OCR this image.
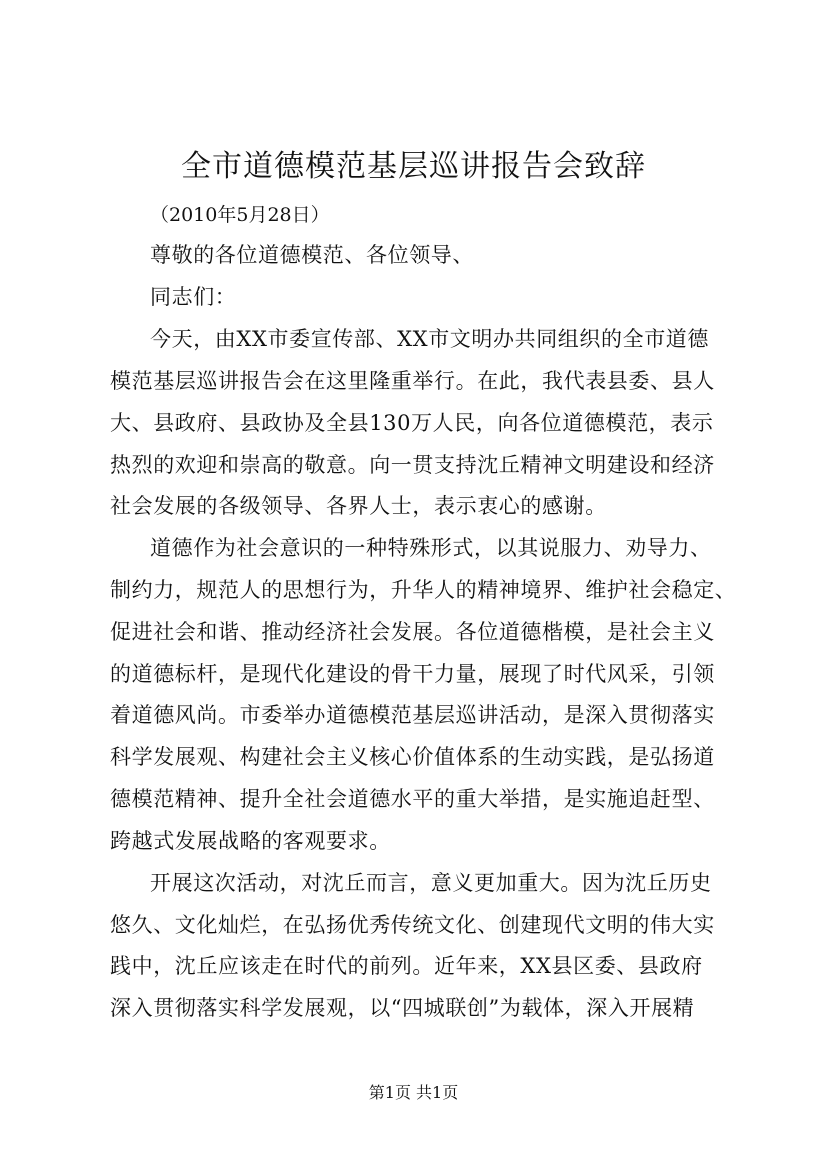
全市道德模范基层巡讲报告会致辞
（2010年5月28日）
尊敬的各位道德模范、各位领导、
同志们：
今天，由XX市委宣传部、XX市文明办共同组织的全市道德
模范基层巡讲报告会在这里隆重举行。在此，我代表县委、县人
大、县政府、县政协及全县130万人民，向各位道德模范，表示
热烈的欢迎和崇高的敬意。向一贯支持沈丘精神文明建设和经济
社会发展的各级领导、各界人士，表示衷心的感谢。
道德作为社会意识的一种特殊形式，以其说服力、劝导力、
制约力，规范人的思想行为，升华人的精神境界、维护社会稳定、
促进社会和谐、推动经济社会发展。各位道德楷模，是社会主义
的道德标杆，是现代化建设的骨干力量，展现了时代风采，引领
着道德风尚。市委举办道德模范基层巡讲活动，是深入贯彻落实
科学发展观、构建社会主义核心价值体系的生动实践，是弘扬道
德模范精神、提升全社会道德水平的重大举措，是实施追赶型、
跨越式发展战略的客观要求。
开展这次活动，对沈丘而言，意义更加重大。因为沈丘历史
悠久、文化灿烂，在弘扬优秀传统文化、创建现代文明的伟大实
践中，沈丘应该走在时代的前列。近年来，XX县区委、县政府
深入贯彻落实科学发展观，以“四城联创”为载体，深入开展精
第1页 共1页
